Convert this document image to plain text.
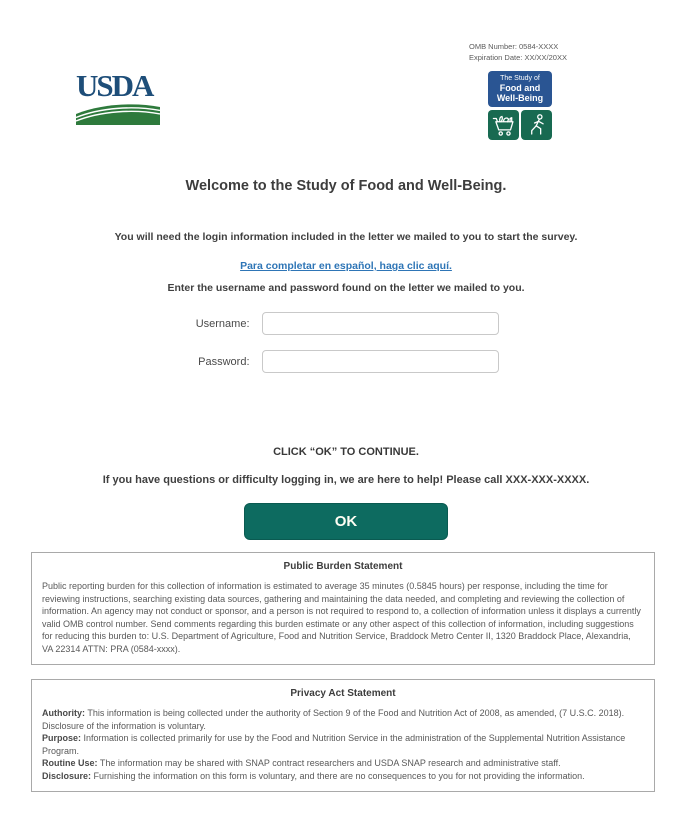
OMB Number: 0584-XXXX
Expiration Date: XX/XX/20XX
USDA	The Study of
Food and
Well-Being
Welcome to the Study of Food and Well-Being.

You will need the login information included in the letter we mailed to you to start the survey.

Para completar en español, haga clic aquí.

Enter the username and password found on the letter we mailed to you.

Username:
Password:

CLICK “OK” TO CONTINUE.

If you have questions or difficulty logging in, we are here to help! Please call XXX-XXX-XXXX.

OK
Public Burden Statement

Public reporting burden for this collection of information is estimated to average 35 minutes (0.5845 hours) per response, including the time for reviewing instructions, searching existing data sources, gathering and maintaining the data needed, and completing and reviewing the collection of information. An agency may not conduct or sponsor, and a person is not required to respond to, a collection of information unless it displays a currently valid OMB control number. Send comments regarding this burden estimate or any other aspect of this collection of information, including suggestions for reducing this burden to: U.S. Department of Agriculture, Food and Nutrition Service, Braddock Metro Center II, 1320 Braddock Place, Alexandria, VA 22314 ATTN: PRA (0584-xxxx).

Privacy Act Statement
Authority: This information is being collected under the authority of Section 9 of the Food and Nutrition Act of 2008, as amended, (7 U.S.C. 2018). Disclosure of the information is voluntary.
Purpose: Information is collected primarily for use by the Food and Nutrition Service in the administration of the Supplemental Nutrition Assistance Program.
Routine Use: The information may be shared with SNAP contract researchers and USDA SNAP research and administrative staff.
Disclosure: Furnishing the information on this form is voluntary, and there are no consequences to you for not providing the information.
